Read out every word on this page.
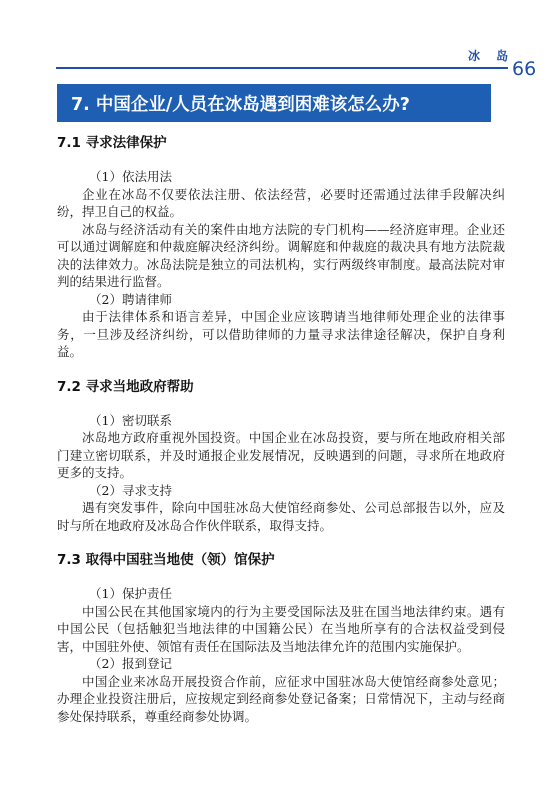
冰 岛
66
7. 中国企业/人员在冰岛遇到困难该怎么办?
7.1 寻求法律保护

（1）依法用法

企业在冰岛不仅要依法注册、依法经营，必要时还需通过法律手段解决纠纷，捍卫自己的权益。

冰岛与经济活动有关的案件由地方法院的专门机构——经济庭审理。企业还可以通过调解庭和仲裁庭解决经济纠纷。调解庭和仲裁庭的裁决具有地方法院裁决的法律效力。冰岛法院是独立的司法机构，实行两级终审制度。最高法院对审判的结果进行监督。

（2）聘请律师

由于法律体系和语言差异，中国企业应该聘请当地律师处理企业的法律事务，一旦涉及经济纠纷，可以借助律师的力量寻求法律途径解决，保护自身利益。

7.2 寻求当地政府帮助

（1）密切联系

冰岛地方政府重视外国投资。中国企业在冰岛投资，要与所在地政府相关部门建立密切联系，并及时通报企业发展情况，反映遇到的问题，寻求所在地政府更多的支持。

（2）寻求支持

遇有突发事件，除向中国驻冰岛大使馆经商参处、公司总部报告以外，应及时与所在地政府及冰岛合作伙伴联系，取得支持。

7.3 取得中国驻当地使（领）馆保护

（1）保护责任

中国公民在其他国家境内的行为主要受国际法及驻在国当地法律约束。遇有中国公民（包括触犯当地法律的中国籍公民）在当地所享有的合法权益受到侵害，中国驻外使、领馆有责任在国际法及当地法律允许的范围内实施保护。

（2）报到登记

中国企业来冰岛开展投资合作前，应征求中国驻冰岛大使馆经商参处意见；办理企业投资注册后，应按规定到经商参处登记备案；日常情况下，主动与经商参处保持联系，尊重经商参处协调。
